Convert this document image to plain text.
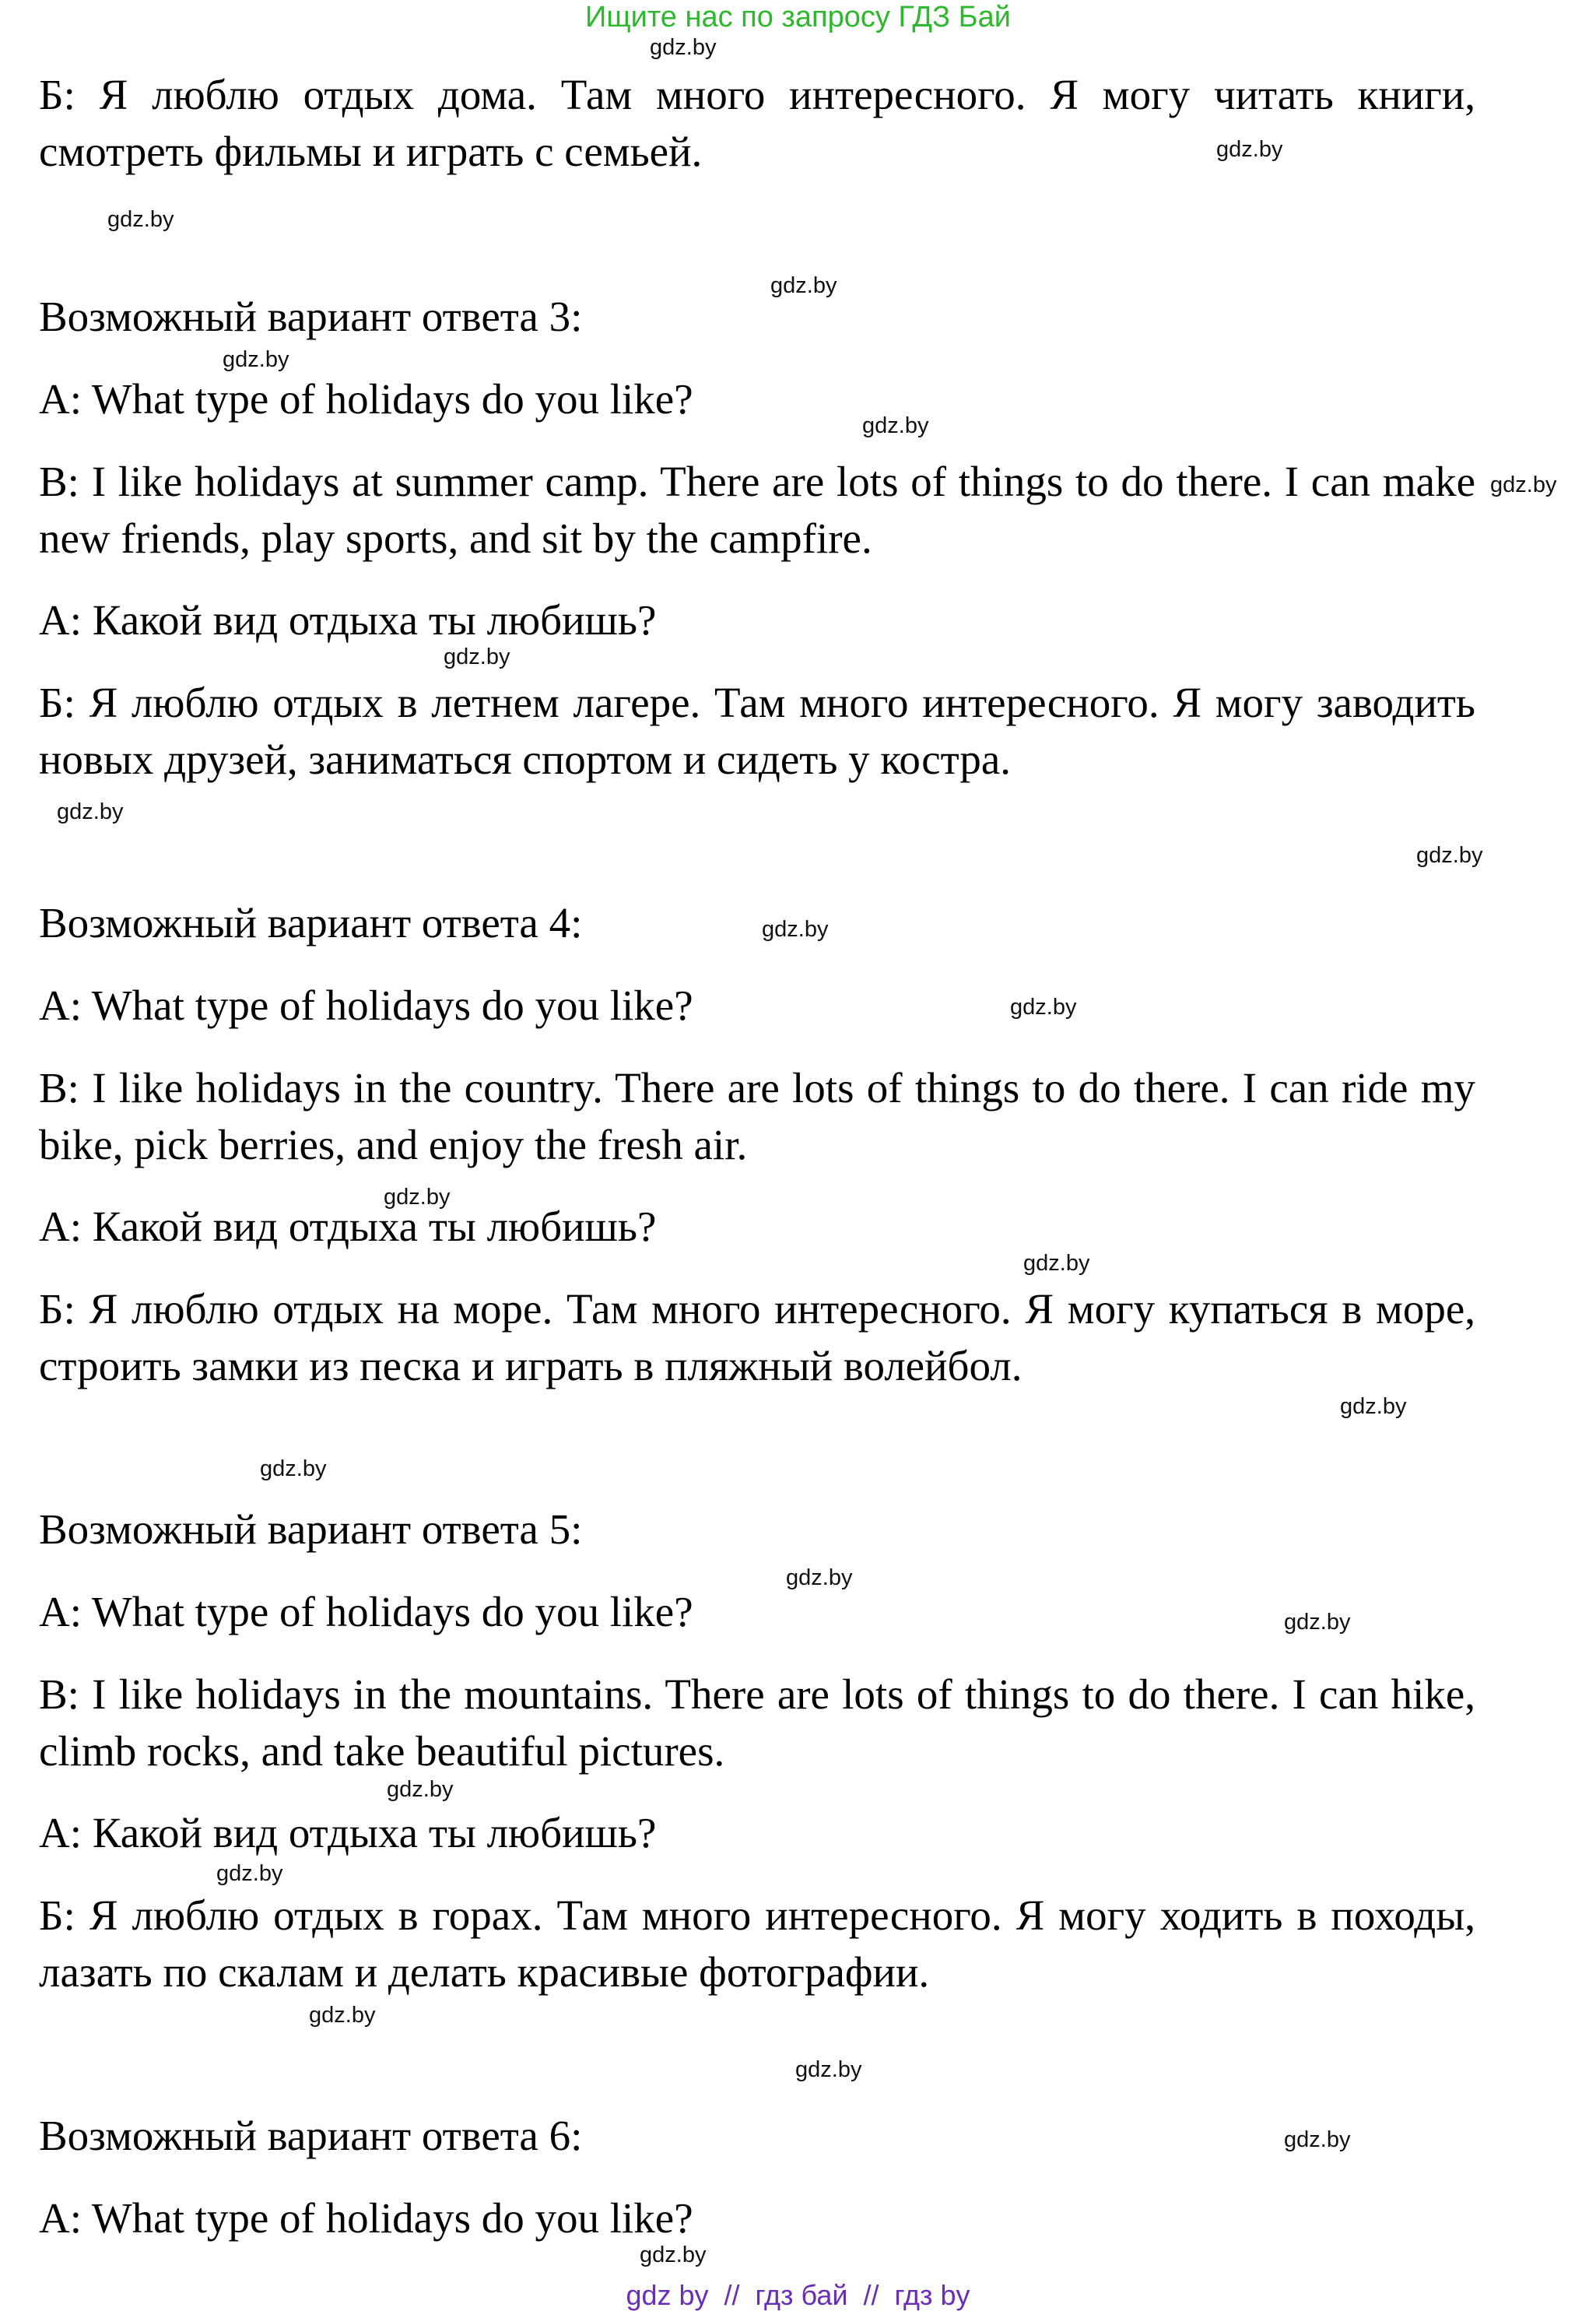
Ищите нас по запросу ГДЗ Бай

Б: Я люблю отдых дома. Там много интересного. Я могу читать книги, смотреть фильмы и играть с семьей.

Возможный вариант ответа 3:

A: What type of holidays do you like?

B: I like holidays at summer camp. There are lots of things to do there. I can make new friends, play sports, and sit by the campfire.

А: Какой вид отдыха ты любишь?

Б: Я люблю отдых в летнем лагере. Там много интересного. Я могу заводить новых друзей, заниматься спортом и сидеть у костра.

Возможный вариант ответа 4:

A: What type of holidays do you like?

B: I like holidays in the country. There are lots of things to do there. I can ride my bike, pick berries, and enjoy the fresh air.

А: Какой вид отдыха ты любишь?

Б: Я люблю отдых на море. Там много интересного. Я могу купаться в море, строить замки из песка и играть в пляжный волейбол.

Возможный вариант ответа 5:

A: What type of holidays do you like?

B: I like holidays in the mountains. There are lots of things to do there. I can hike, climb rocks, and take beautiful pictures.

А: Какой вид отдыха ты любишь?

Б: Я люблю отдых в горах. Там много интересного. Я могу ходить в походы, лазать по скалам и делать красивые фотографии.

Возможный вариант ответа 6:

A: What type of holidays do you like?

gdz.by
gdz.by
gdz.by
gdz.by
gdz.by
gdz.by
gdz.by
gdz.by
gdz.by
gdz.by
gdz.by
gdz.by
gdz.by
gdz.by
gdz.by
gdz.by
gdz.by
gdz.by
gdz.by
gdz.by
gdz.by
gdz.by
gdz.by
gdz.by
gdz by  //  гдз бай  //  гдз by
